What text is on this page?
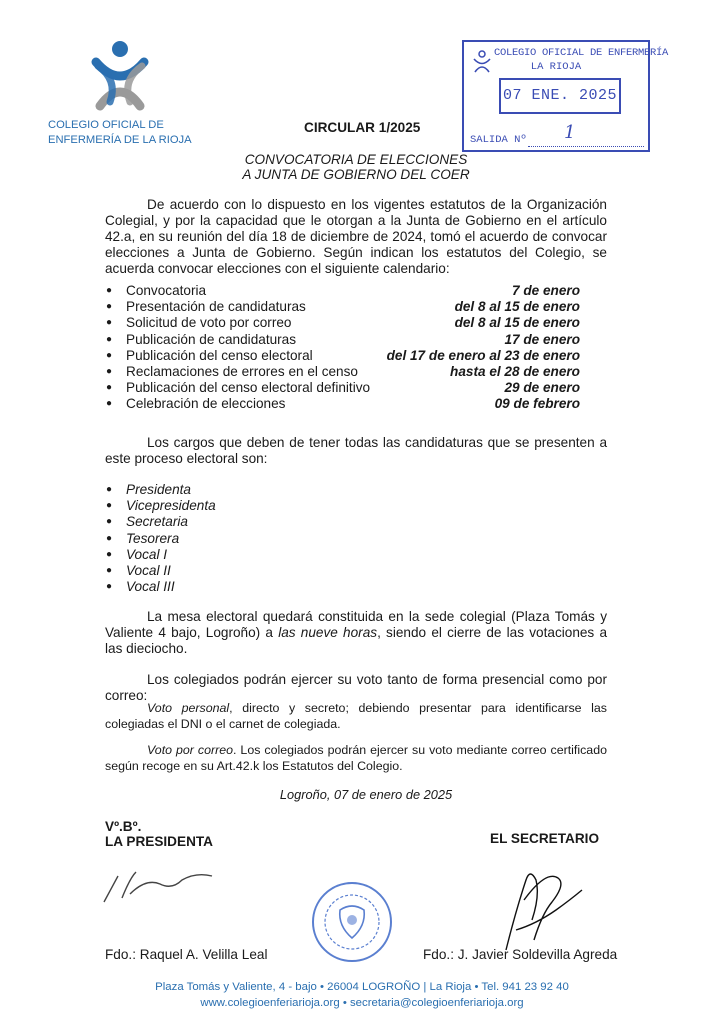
COLEGIO OFICIAL DE
ENFERMERÍA DE LA RIOJA
COLEGIO OFICIAL DE ENFERMERÍA
LA RIOJA
07 ENE. 2025
SALIDA Nº 1
CIRCULAR 1/2025
CONVOCATORIA DE ELECCIONES
A JUNTA DE GOBIERNO DEL COER
De acuerdo con lo dispuesto en los vigentes estatutos de la Organización Colegial, y por la capacidad que le otorgan a la Junta de Gobierno en el artículo 42.a, en su reunión del día 18 de diciembre de 2024, tomó el acuerdo de convocar elecciones a Junta de Gobierno. Según indican los estatutos del Colegio, se acuerda convocar elecciones con el siguiente calendario:
● Convocatoria	7 de enero
● Presentación de candidaturas	del 8 al 15 de enero
● Solicitud de voto por correo	del 8 al 15 de enero
● Publicación de candidaturas	17 de enero
● Publicación del censo electoral	del 17 de enero al 23 de enero
● Reclamaciones de errores en el censo	hasta el 28 de enero
● Publicación del censo electoral definitivo	29 de enero
● Celebración de elecciones	09 de febrero
Los cargos que deben de tener todas las candidaturas que se presenten a este proceso electoral son:
● Presidenta
● Vicepresidenta
● Secretaria
● Tesorera
● Vocal I
● Vocal II
● Vocal III
La mesa electoral quedará constituida en la sede colegial (Plaza Tomás y Valiente 4 bajo, Logroño) a las nueve horas, siendo el cierre de las votaciones a las dieciocho.
Los colegiados podrán ejercer su voto tanto de forma presencial como por correo:
Voto personal, directo y secreto; debiendo presentar para identificarse las colegiadas el DNI o el carnet de colegiada.
Voto por correo. Los colegiados podrán ejercer su voto mediante correo certificado según recoge en su Art.42.k los Estatutos del Colegio.
Logroño, 07 de enero de 2025
Vº.Bº.
LA PRESIDENTA	EL SECRETARIO
Fdo.: Raquel A. Velilla Leal	Fdo.: J. Javier Soldevilla Agreda
Plaza Tomás y Valiente, 4 - bajo • 26004 LOGROÑO | La Rioja • Tel. 941 23 92 40
www.colegioenferiarioja.org • secretaria@colegioenferiarioja.org
